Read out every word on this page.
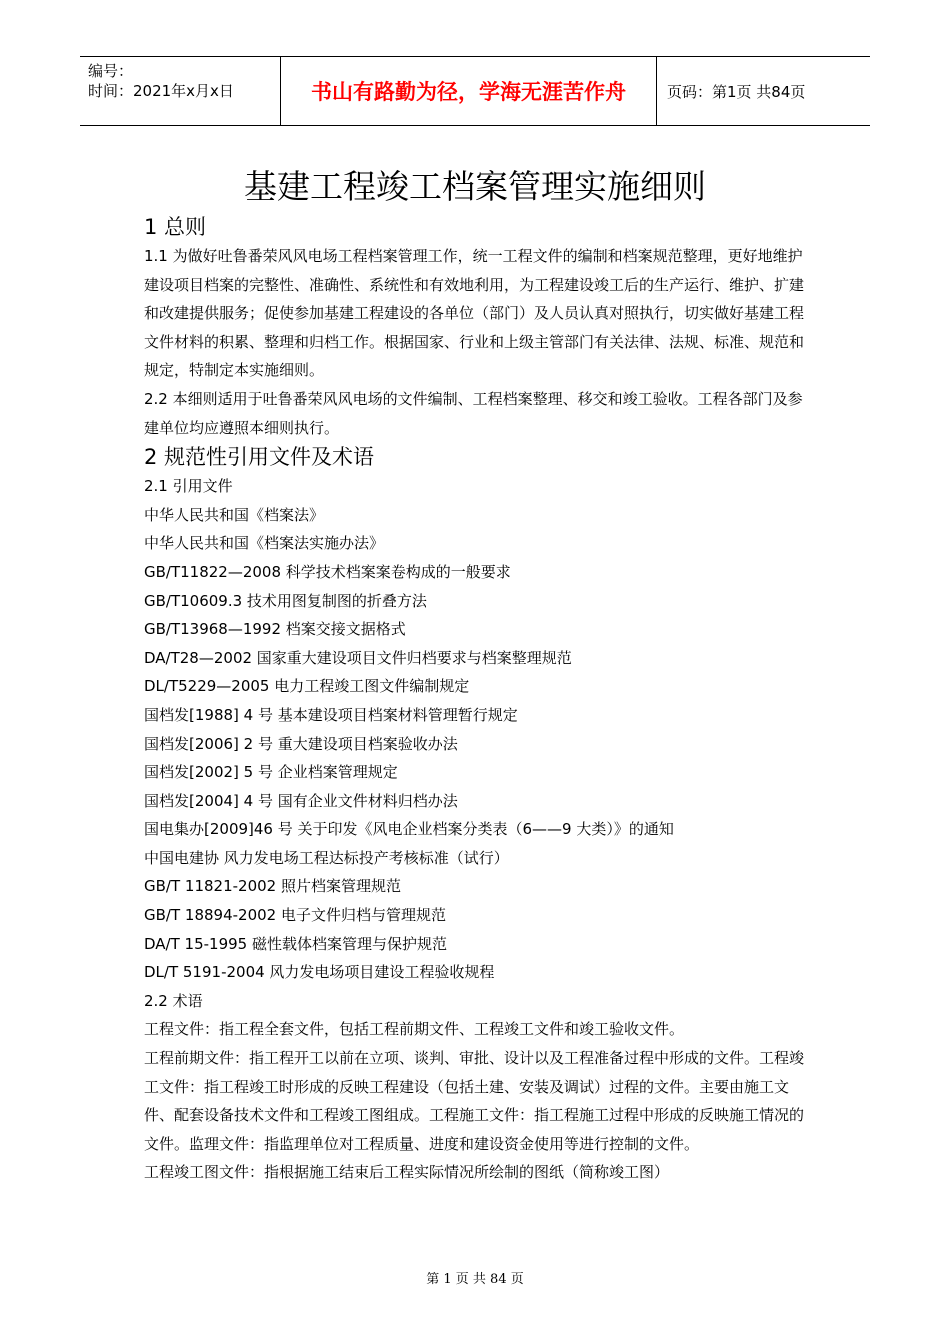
编号：
时间：2021年x月x日	书山有路勤为径，学海无涯苦作舟	页码：第1页 共84页
基建工程竣工档案管理实施细则
1 总则
1.1 为做好吐鲁番荣风风电场工程档案管理工作，统一工程文件的编制和档案规范整理，更好地维护建设项目档案的完整性、准确性、系统性和有效地利用，为工程建设竣工后的生产运行、维护、扩建和改建提供服务；促使参加基建工程建设的各单位（部门）及人员认真对照执行，切实做好基建工程文件材料的积累、整理和归档工作。根据国家、行业和上级主管部门有关法律、法规、标准、规范和规定，特制定本实施细则。
2.2 本细则适用于吐鲁番荣风风电场的文件编制、工程档案整理、移交和竣工验收。工程各部门及参建单位均应遵照本细则执行。
2 规范性引用文件及术语
2.1 引用文件
中华人民共和国《档案法》
中华人民共和国《档案法实施办法》
GB/T11822—2008 科学技术档案案卷构成的一般要求
GB/T10609.3 技术用图复制图的折叠方法
GB/T13968—1992 档案交接文据格式
DA/T28—2002 国家重大建设项目文件归档要求与档案整理规范
DL/T5229—2005 电力工程竣工图文件编制规定
国档发[1988] 4 号 基本建设项目档案材料管理暂行规定
国档发[2006] 2 号 重大建设项目档案验收办法
国档发[2002] 5 号 企业档案管理规定
国档发[2004] 4 号 国有企业文件材料归档办法
国电集办[2009]46 号 关于印发《风电企业档案分类表（6——9 大类）》的通知
中国电建协 风力发电场工程达标投产考核标准（试行）
GB/T 11821-2002 照片档案管理规范
GB/T 18894-2002 电子文件归档与管理规范
DA/T 15-1995 磁性载体档案管理与保护规范
DL/T 5191-2004 风力发电场项目建设工程验收规程
2.2 术语
工程文件：指工程全套文件，包括工程前期文件、工程竣工文件和竣工验收文件。
工程前期文件：指工程开工以前在立项、谈判、审批、设计以及工程准备过程中形成的文件。工程竣工文件：指工程竣工时形成的反映工程建设（包括土建、安装及调试）过程的文件。主要由施工文件、配套设备技术文件和工程竣工图组成。工程施工文件：指工程施工过程中形成的反映施工情况的文件。监理文件：指监理单位对工程质量、进度和建设资金使用等进行控制的文件。
工程竣工图文件：指根据施工结束后工程实际情况所绘制的图纸（简称竣工图）
第 1 页 共 84 页
